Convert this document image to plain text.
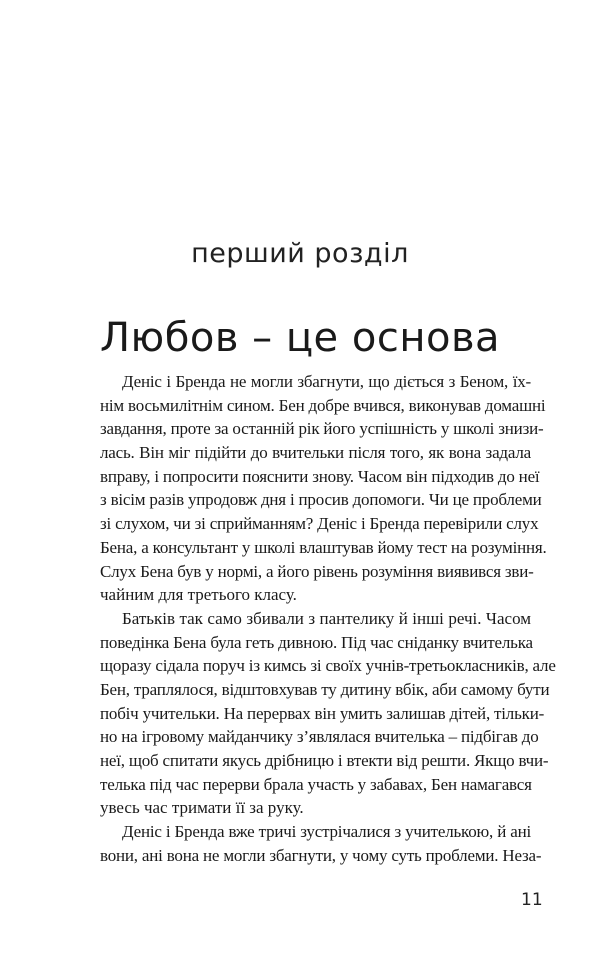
перший розділ
Любов – це основа
Деніс і Бренда не могли збагнути, що діється з Беном, їх-
нім восьмилітнім сином. Бен добре вчився, виконував домашні
завдання, проте за останній рік його успішність у школі знизи-
лась. Він міг підійти до вчительки після того, як вона задала
вправу, і попросити пояснити знову. Часом він підходив до неї
з вісім разів упродовж дня і просив допомоги. Чи це проблеми
зі слухом, чи зі сприйманням? Деніс і Бренда перевірили слух
Бена, а консультант у школі влаштував йому тест на розуміння.
Слух Бена був у нормі, а його рівень розуміння виявився зви-
чайним для третього класу.
Батьків так само збивали з пантелику й інші речі. Часом
поведінка Бена була геть дивною. Під час сніданку вчителька
щоразу сідала поруч із кимсь зі своїх учнів-третьокласників, але
Бен, траплялося, відштовхував ту дитину вбік, аби самому бути
побіч учительки. На перервах він умить залишав дітей, тільки-
но на ігровому майданчику з’являлася вчителька – підбігав до
неї, щоб спитати якусь дрібницю і втекти від решти. Якщо вчи-
телька під час перерви брала участь у забавах, Бен намагався
увесь час тримати її за руку.
Деніс і Бренда вже тричі зустрічалися з учителькою, й ані
вони, ані вона не могли збагнути, у чому суть проблеми. Неза-
11
